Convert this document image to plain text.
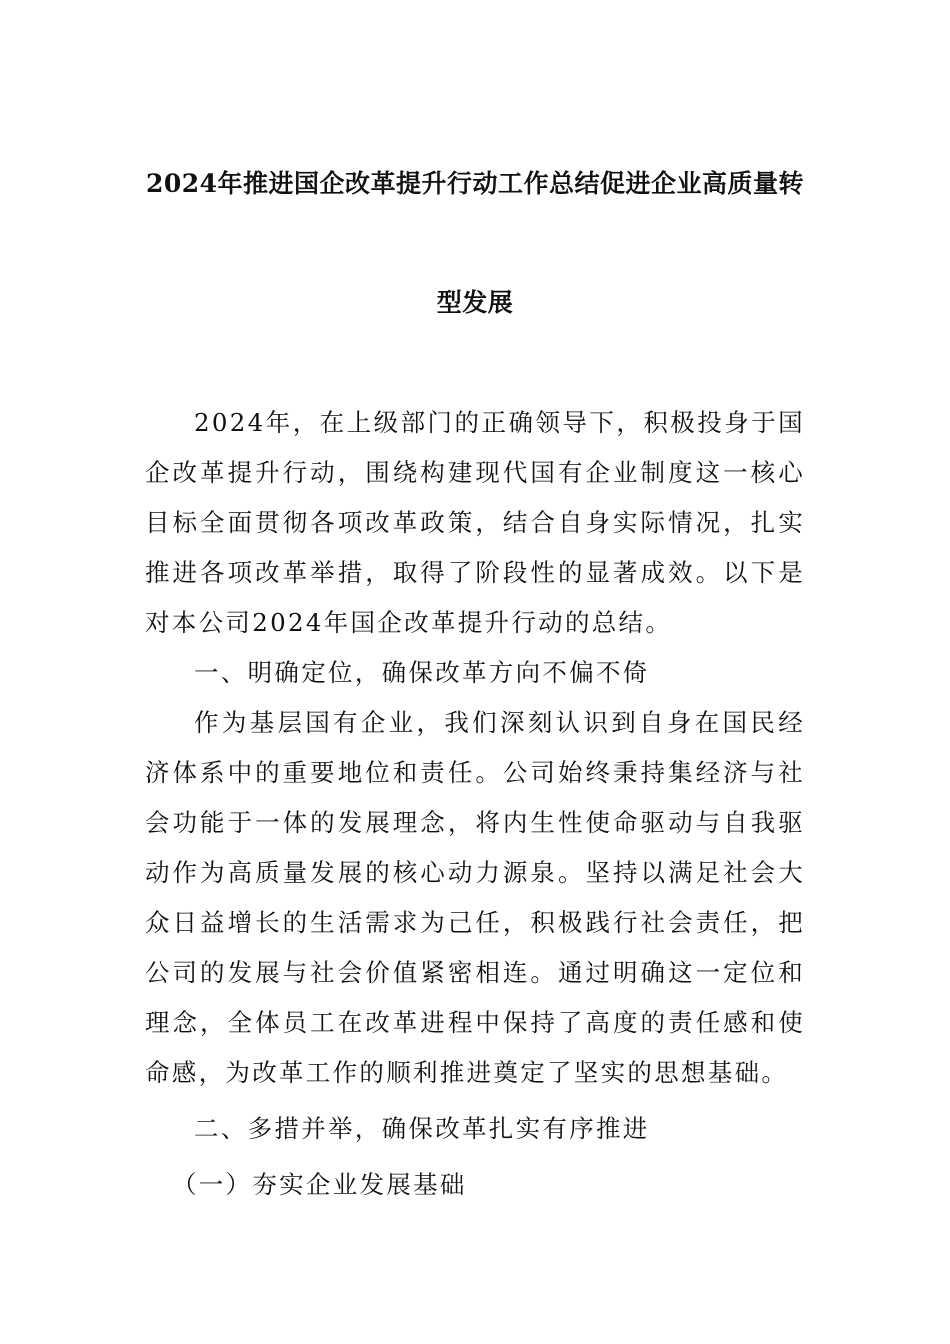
2024年推进国企改革提升行动工作总结促进企业高质量转
型发展

2024年，在上级部门的正确领导下，积极投身于国企改革提升行动，围绕构建现代国有企业制度这一核心目标全面贯彻各项改革政策，结合自身实际情况，扎实推进各项改革举措，取得了阶段性的显著成效。以下是对本公司2024年国企改革提升行动的总结。

一、明确定位，确保改革方向不偏不倚

作为基层国有企业，我们深刻认识到自身在国民经济体系中的重要地位和责任。公司始终秉持集经济与社会功能于一体的发展理念，将内生性使命驱动与自我驱动作为高质量发展的核心动力源泉。坚持以满足社会大众日益增长的生活需求为己任，积极践行社会责任，把公司的发展与社会价值紧密相连。通过明确这一定位和理念，全体员工在改革进程中保持了高度的责任感和使命感，为改革工作的顺利推进奠定了坚实的思想基础。

二、多措并举，确保改革扎实有序推进

（一）夯实企业发展基础
